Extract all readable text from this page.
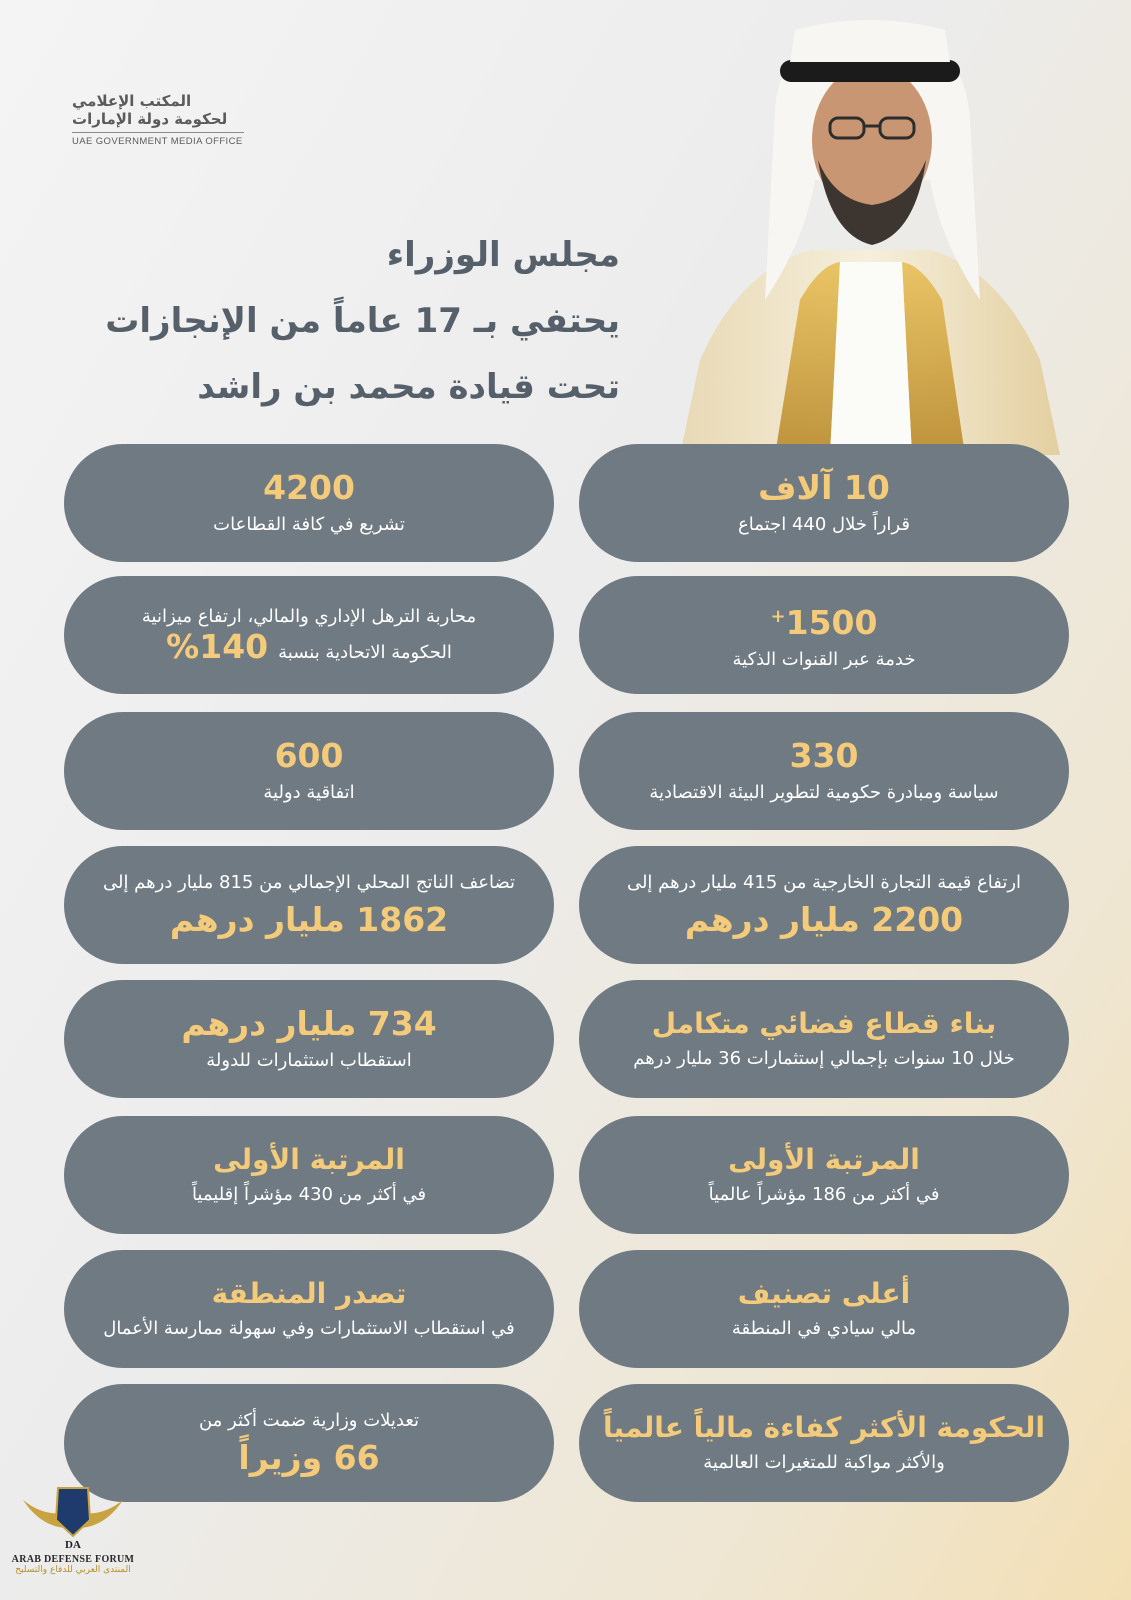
المكتب الإعلامي
لحكومة دولة الإمارات
UAE GOVERNMENT MEDIA OFFICE
مجلس الوزراء
يحتفي بـ 17 عاماً من الإنجازات
تحت قيادة محمد بن راشد
10 آلاف
قراراً خلال 440 اجتماع
4200
تشريع في كافة القطاعات
1500+
خدمة عبر القنوات الذكية
محاربة الترهل الإداري والمالي، ارتفاع ميزانية
الحكومة الاتحادية بنسبة140%
330
سياسة ومبادرة حكومية لتطوير البيئة الاقتصادية
600
اتفاقية دولية
ارتفاع قيمة التجارة الخارجية من 415 مليار درهم إلى
2200 مليار درهم
تضاعف الناتج المحلي الإجمالي من 815 مليار درهم إلى
1862 مليار درهم
بناء قطاع فضائي متكامل
خلال 10 سنوات بإجمالي إستثمارات 36 مليار درهم
734 مليار درهم
استقطاب استثمارات للدولة
المرتبة الأولى
في أكثر من 186 مؤشراً عالمياً
المرتبة الأولى
في أكثر من 430 مؤشراً إقليمياً
أعلى تصنيف
مالي سيادي في المنطقة
تصدر المنطقة
في استقطاب الاستثمارات وفي سهولة ممارسة الأعمال
الحكومة الأكثر كفاءة مالياً عالمياً
والأكثر مواكبة للمتغيرات العالمية
تعديلات وزارية ضمت أكثر من
66 وزيراً
DA
ARAB DEFENSE FORUM
المنتدى العربي للدفاع والتسليح
